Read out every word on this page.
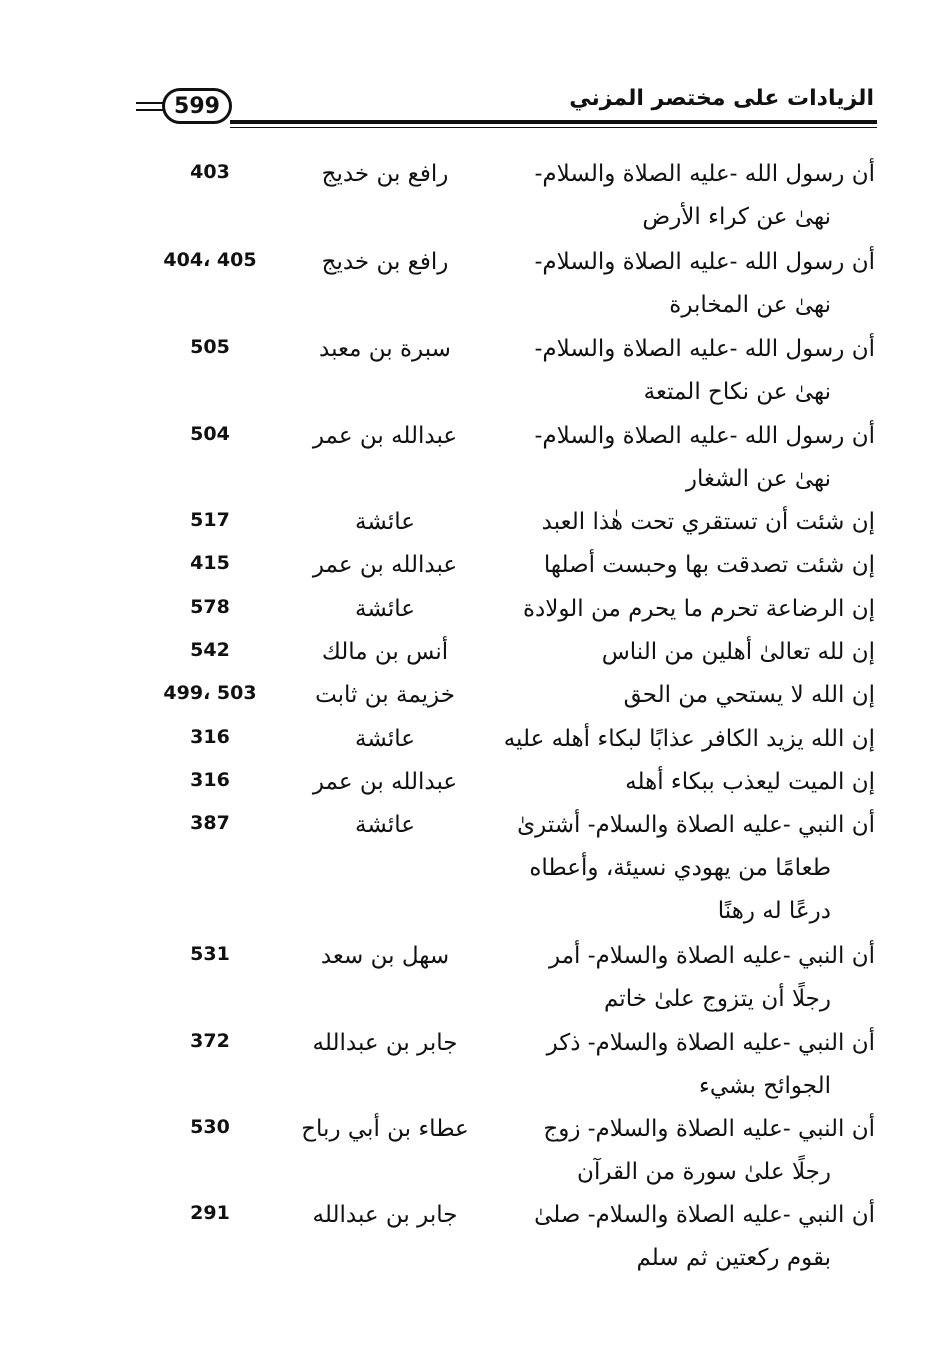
599	الزيادات على مختصر المزني
أن رسول الله -عليه الصلاة والسلام-
نهىٰ عن كراء الأرض
رافع بن خديج
403
أن رسول الله -عليه الصلاة والسلام-
نهىٰ عن المخابرة
رافع بن خديج
404، 405
أن رسول الله -عليه الصلاة والسلام-
نهىٰ عن نكاح المتعة
سبرة بن معبد
505
أن رسول الله -عليه الصلاة والسلام-
نهىٰ عن الشغار
عبدالله بن عمر
504
إن شئت أن تستقري تحت هٰذا العبد
عائشة
517
إن شئت تصدقت بها وحبست أصلها
عبدالله بن عمر
415
إن الرضاعة تحرم ما يحرم من الولادة
عائشة
578
إن لله تعالىٰ أهلين من الناس
أنس بن مالك
542
إن الله لا يستحي من الحق
خزيمة بن ثابت
499، 503
إن الله يزيد الكافر عذابًا لبكاء أهله عليه
عائشة
316
إن الميت ليعذب ببكاء أهله
عبدالله بن عمر
316
أن النبي -عليه الصلاة والسلام- أشترىٰ
طعامًا من يهودي نسيئة، وأعطاه
درعًا له رهنًا
عائشة
387
أن النبي -عليه الصلاة والسلام- أمر
رجلًا أن يتزوج علىٰ خاتم
سهل بن سعد
531
أن النبي -عليه الصلاة والسلام- ذكر
الجوائح بشيء
جابر بن عبدالله
372
أن النبي -عليه الصلاة والسلام- زوج
رجلًا علىٰ سورة من القرآن
عطاء بن أبي رباح
530
أن النبي -عليه الصلاة والسلام- صلىٰ
بقوم ركعتين ثم سلم
جابر بن عبدالله
291
